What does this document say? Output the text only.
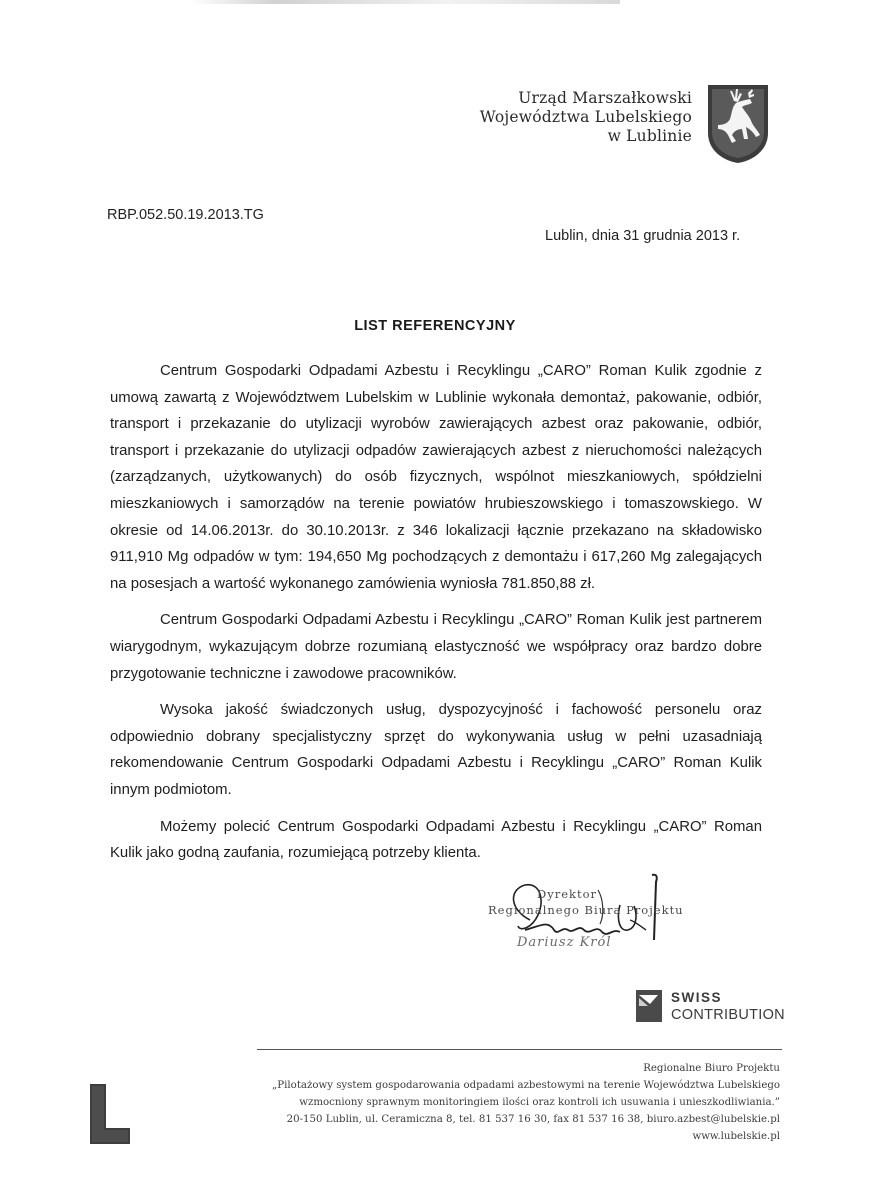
Urząd Marszałkowski
Województwa Lubelskiego
w Lublinie
RBP.052.50.19.2013.TG
Lublin, dnia 31 grudnia 2013 r.
LIST REFERENCYJNY

Centrum Gospodarki Odpadami Azbestu i Recyklingu „CARO” Roman Kulik zgodnie z umową zawartą z Województwem Lubelskim w Lublinie wykonała demontaż, pakowanie, odbiór, transport i przekazanie do utylizacji wyrobów zawierających azbest oraz pakowanie, odbiór, transport i przekazanie do utylizacji odpadów zawierających azbest z nieruchomości należących (zarządzanych, użytkowanych) do osób fizycznych, wspólnot mieszkaniowych, spółdzielni mieszkaniowych i samorządów na terenie powiatów hrubieszowskiego i tomaszowskiego. W okresie od 14.06.2013r. do 30.10.2013r. z 346 lokalizacji łącznie przekazano na składowisko 911,910 Mg odpadów w tym: 194,650 Mg pochodzących z demontażu i 617,260 Mg zalegających na posesjach a wartość wykonanego zamówienia wyniosła 781.850,88 zł.

Centrum Gospodarki Odpadami Azbestu i Recyklingu „CARO” Roman Kulik jest partnerem wiarygodnym, wykazującym dobrze rozumianą elastyczność we współpracy oraz bardzo dobre przygotowanie techniczne i zawodowe pracowników.

Wysoka jakość świadczonych usług, dyspozycyjność i fachowość personelu oraz odpowiednio dobrany specjalistyczny sprzęt do wykonywania usług w pełni uzasadniają rekomendowanie Centrum Gospodarki Odpadami Azbestu i Recyklingu „CARO” Roman Kulik innym podmiotom.

Możemy polecić Centrum Gospodarki Odpadami Azbestu i Recyklingu „CARO” Roman Kulik jako godną zaufania, rozumiejącą potrzeby klienta.

Dyrektor
Regionalnego Biura Projektu
Dariusz Król
SWISS
CONTRIBUTION
Regionalne Biuro Projektu
„Pilotażowy system gospodarowania odpadami azbestowymi na terenie Województwa Lubelskiego
wzmocniony sprawnym monitoringiem ilości oraz kontroli ich usuwania i unieszkodliwiania.”
20-150 Lublin, ul. Ceramiczna 8, tel. 81 537 16 30, fax 81 537 16 38, biuro.azbest@lubelskie.pl
www.lubelskie.pl
